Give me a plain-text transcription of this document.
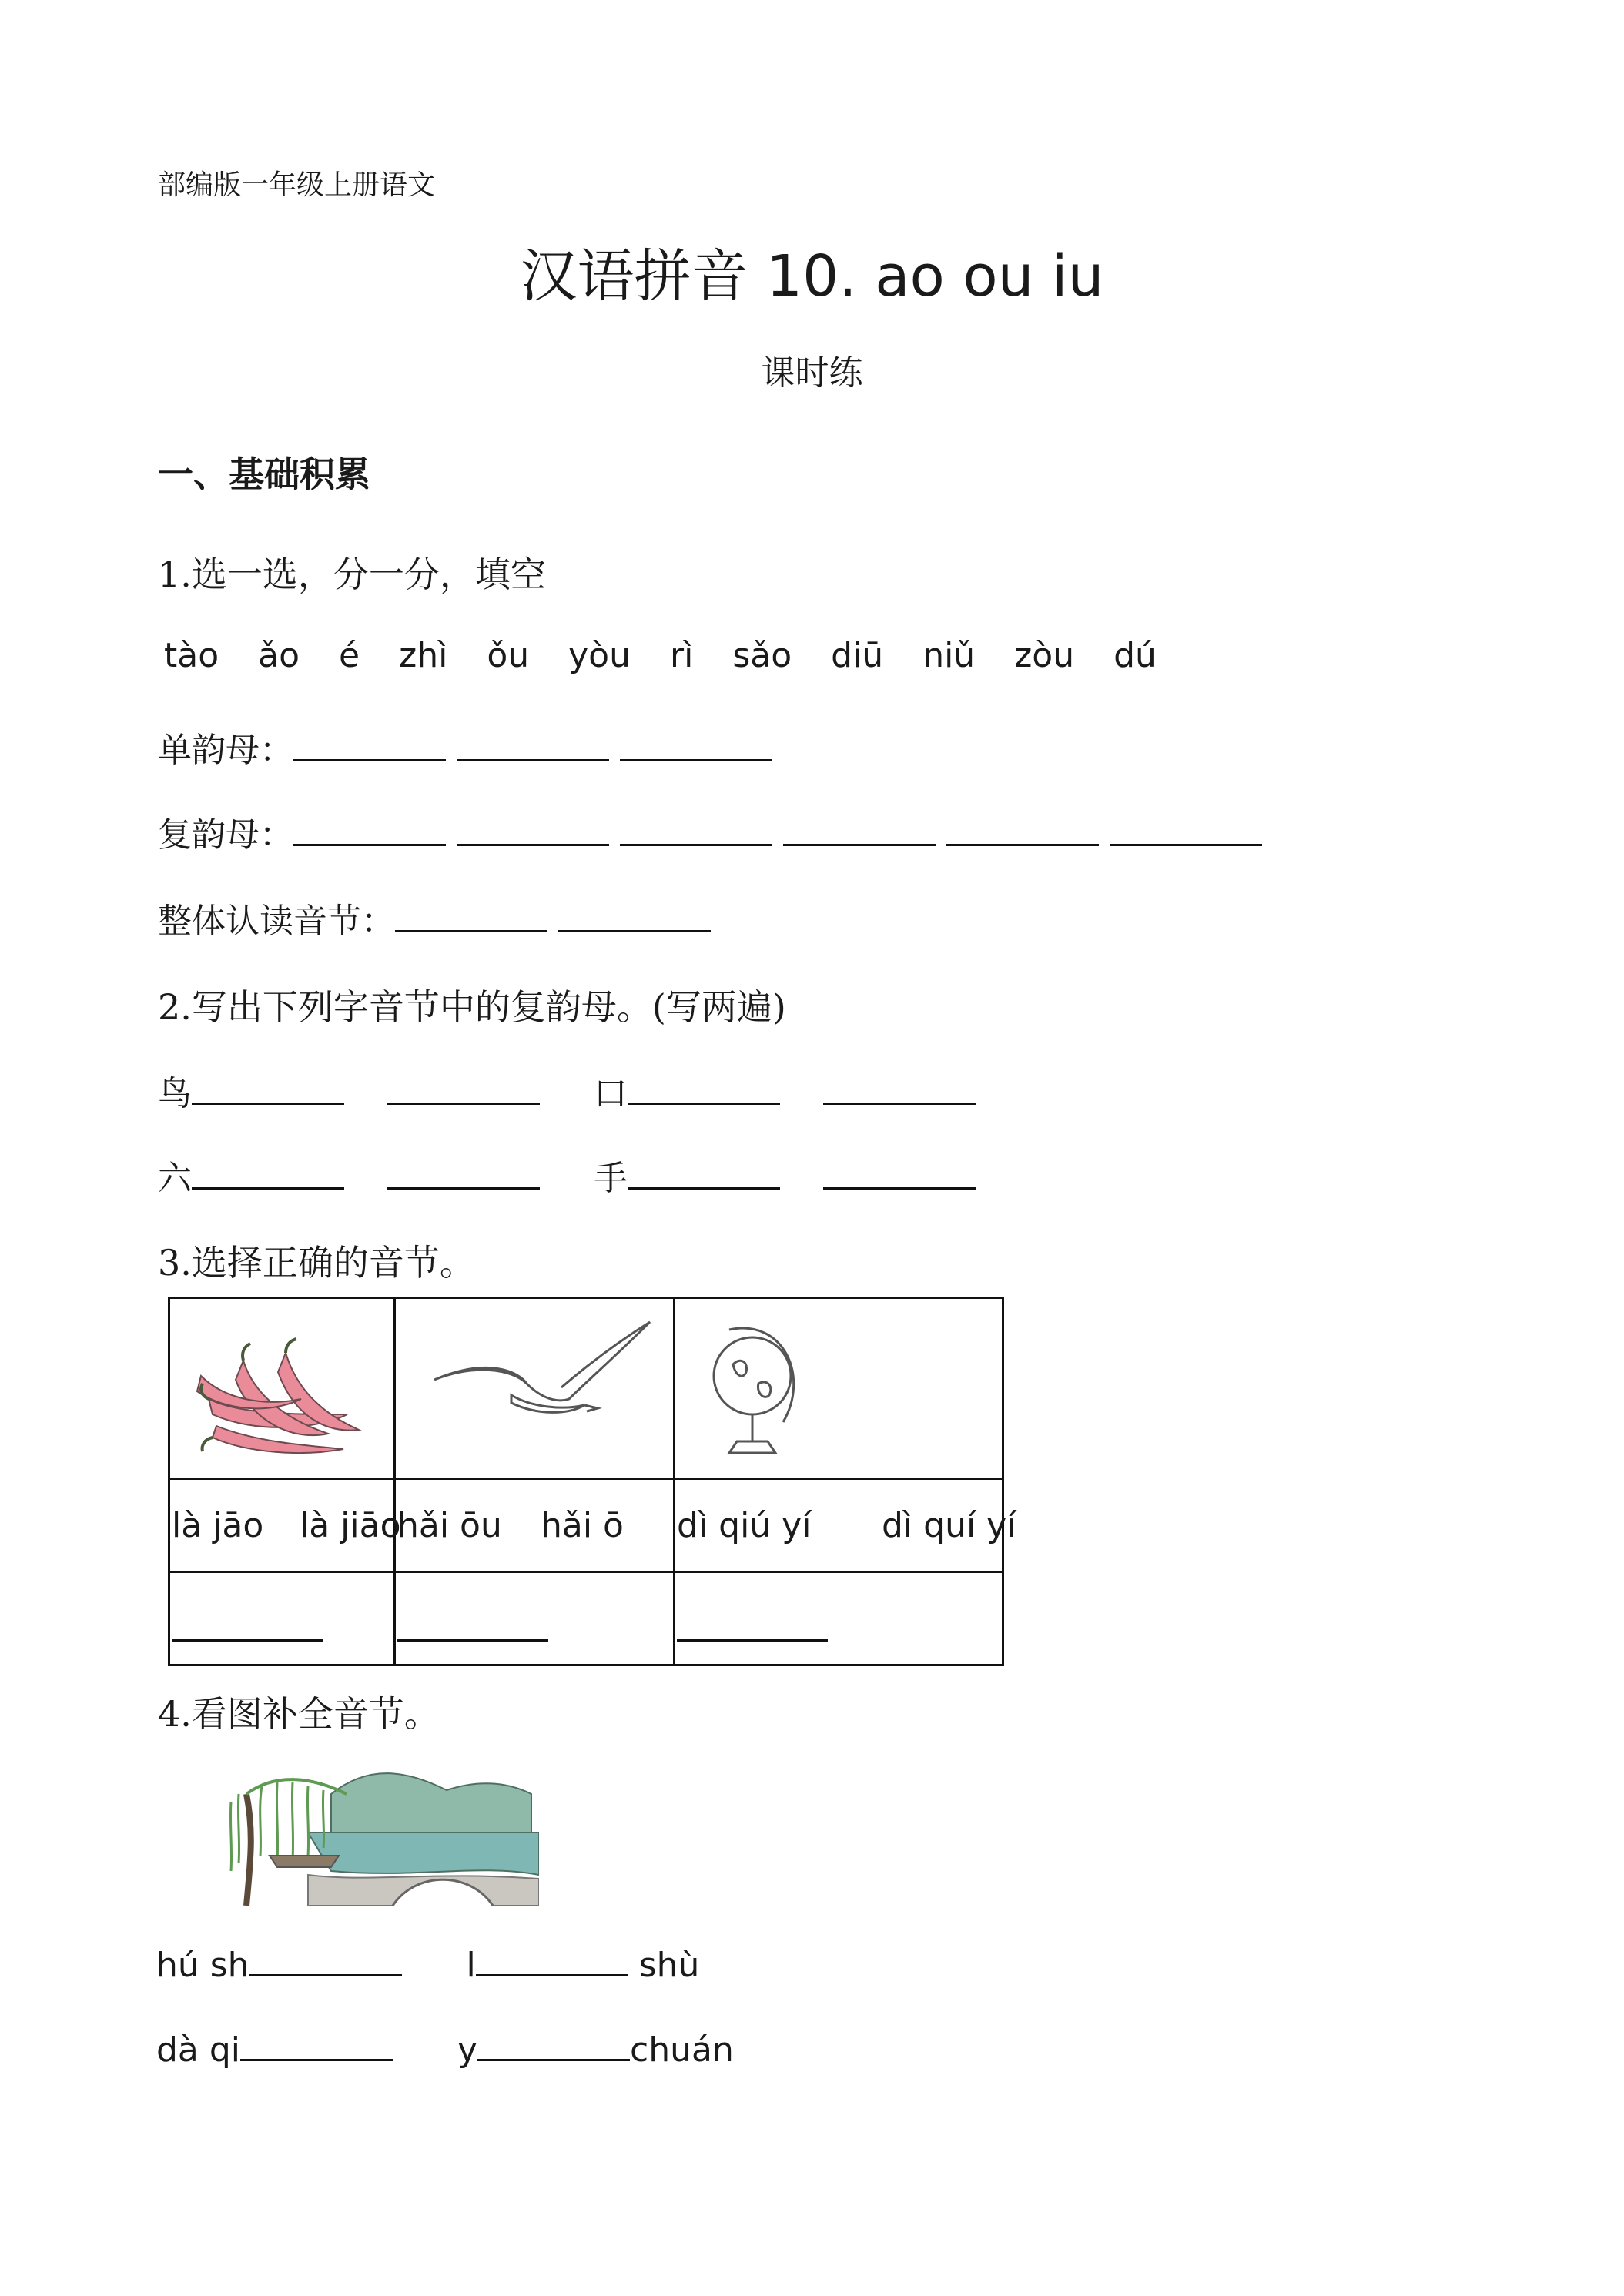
部编版一年级上册语文
汉语拼音 10. ao ou iu
课时练
一、基础积累
1.选一选，分一分，填空
tào ǎo é zhì ǒu yòu rì sǎo diū niǔ zòu dú
单韵母：
复韵母：
整体认读音节：
2.写出下列字音节中的复韵母。(写两遍)
鸟	口
六	手
3.选择正确的音节。

là jāo là jiāo	hǎi ōu hǎi ō	dì qiú yí dì quí yí

4.看图补全音节。
hú sh	l	shù
dà qi	y	chuán
